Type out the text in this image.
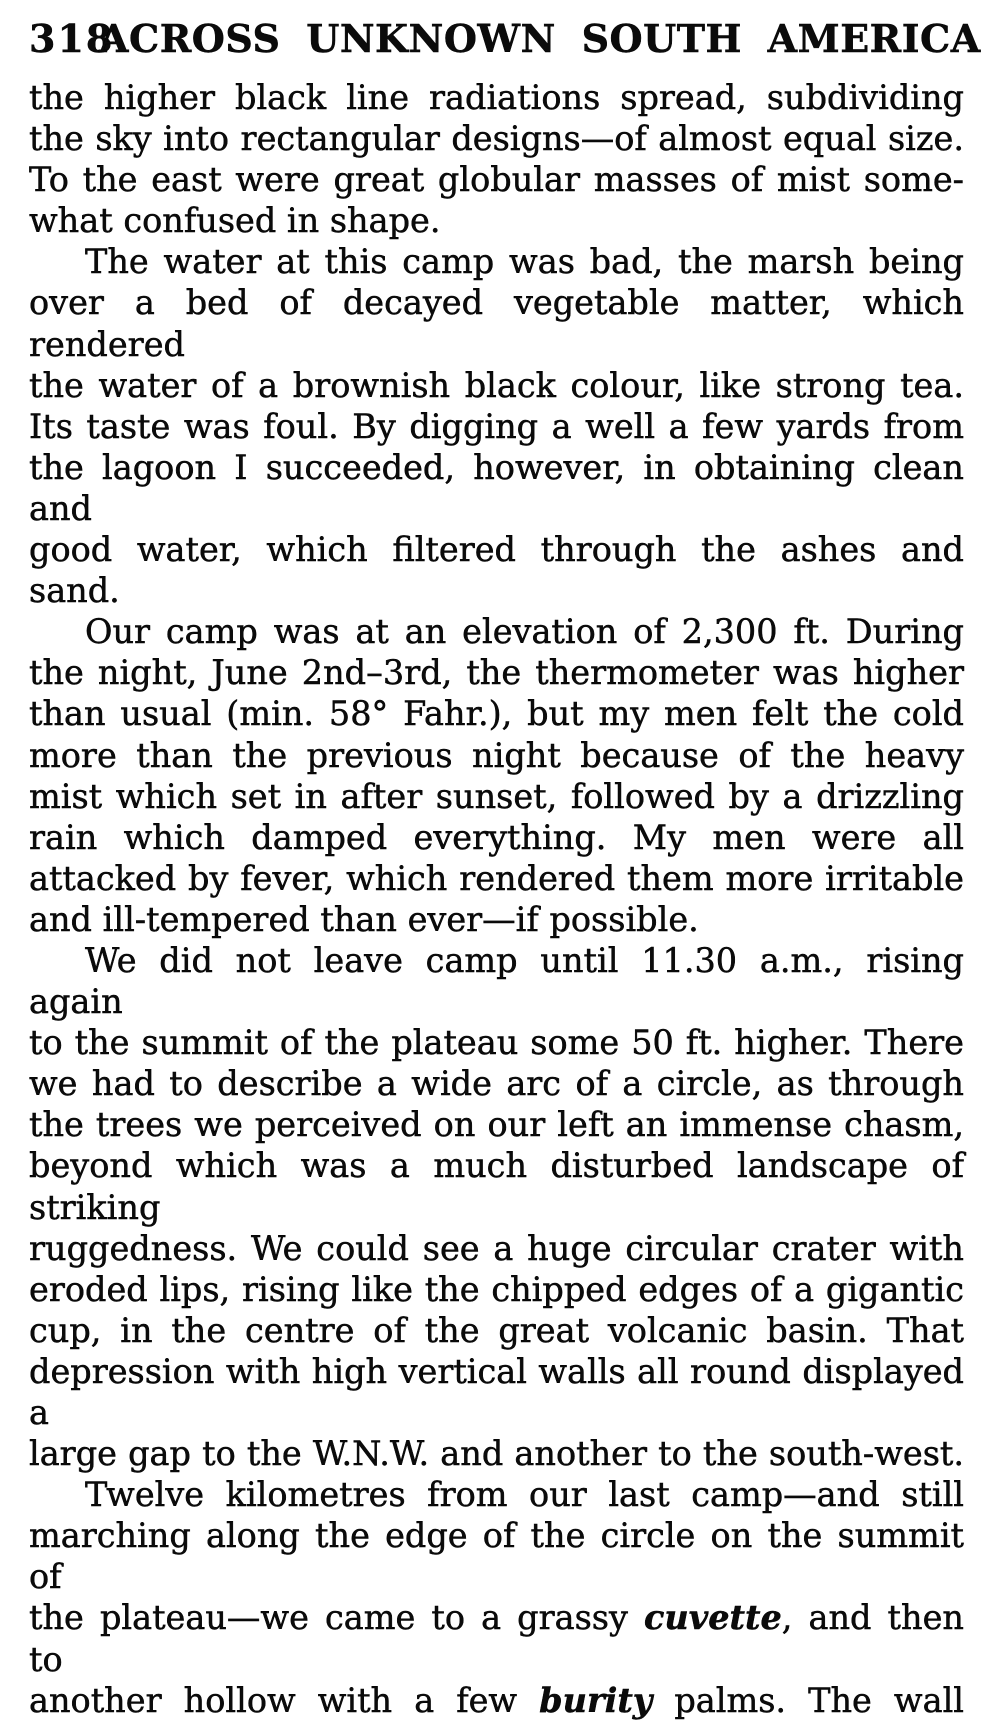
318
ACROSS UNKNOWN SOUTH AMERICA
the higher black line radiations spread, subdividing
the sky into rectangular designs—of almost equal size.
To the east were great globular masses of mist some-
what confused in shape.
The water at this camp was bad, the marsh being
over a bed of decayed vegetable matter, which rendered
the water of a brownish black colour, like strong tea.
Its taste was foul. By digging a well a few yards from
the lagoon I succeeded, however, in obtaining clean and
good water, which filtered through the ashes and sand.
Our camp was at an elevation of 2,300 ft. During
the night, June 2nd–3rd, the thermometer was higher
than usual (min. 58° Fahr.), but my men felt the cold
more than the previous night because of the heavy
mist which set in after sunset, followed by a drizzling
rain which damped everything. My men were all
attacked by fever, which rendered them more irritable
and ill-tempered than ever—if possible.
We did not leave camp until 11.30 a.m., rising again
to the summit of the plateau some 50 ft. higher. There
we had to describe a wide arc of a circle, as through
the trees we perceived on our left an immense chasm,
beyond which was a much disturbed landscape of striking
ruggedness. We could see a huge circular crater with
eroded lips, rising like the chipped edges of a gigantic
cup, in the centre of the great volcanic basin. That
depression with high vertical walls all round displayed a
large gap to the W.N.W. and another to the south-west.
Twelve kilometres from our last camp—and still
marching along the edge of the circle on the summit of
the plateau—we came to a grassy cuvette, and then to
another hollow with a few burity palms. The wall
